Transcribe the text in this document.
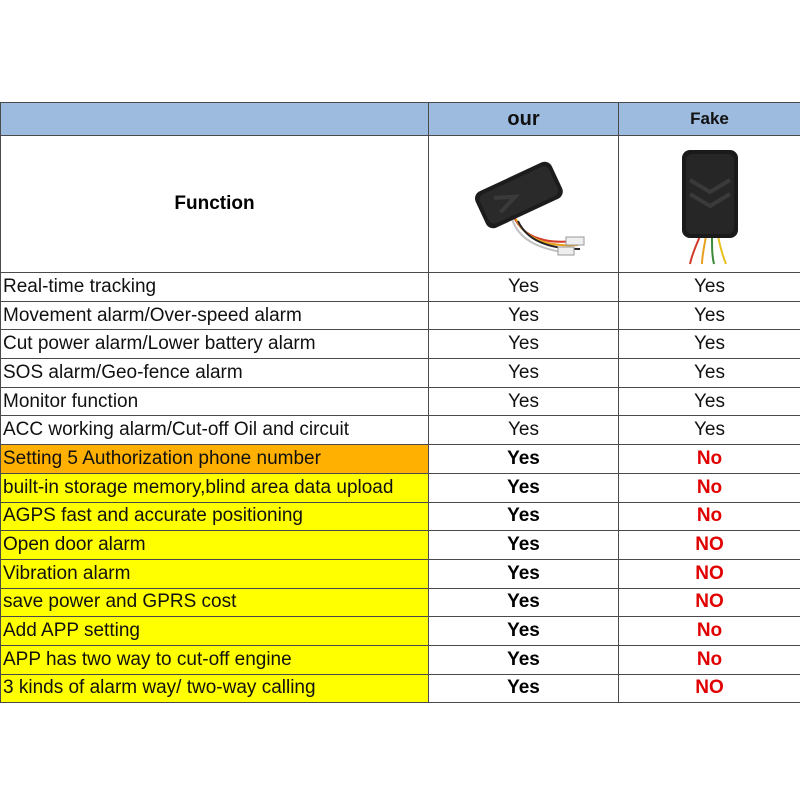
	our	Fake
Function	

Real-time tracking	Yes	Yes
Movement alarm/Over-speed alarm	Yes	Yes
Cut power alarm/Lower battery alarm	Yes	Yes
SOS alarm/Geo-fence alarm	Yes	Yes
Monitor function	Yes	Yes
ACC working alarm/Cut-off Oil and circuit	Yes	Yes
Setting 5 Authorization phone number	Yes	No
built-in storage memory,blind area data upload	Yes	No
AGPS fast and accurate positioning	Yes	No
Open door alarm	Yes	NO
Vibration alarm	Yes	NO
save power and GPRS cost	Yes	NO
Add APP setting	Yes	No
APP has two way to cut-off engine	Yes	No
3 kinds of alarm way/ two-way calling	Yes	NO
